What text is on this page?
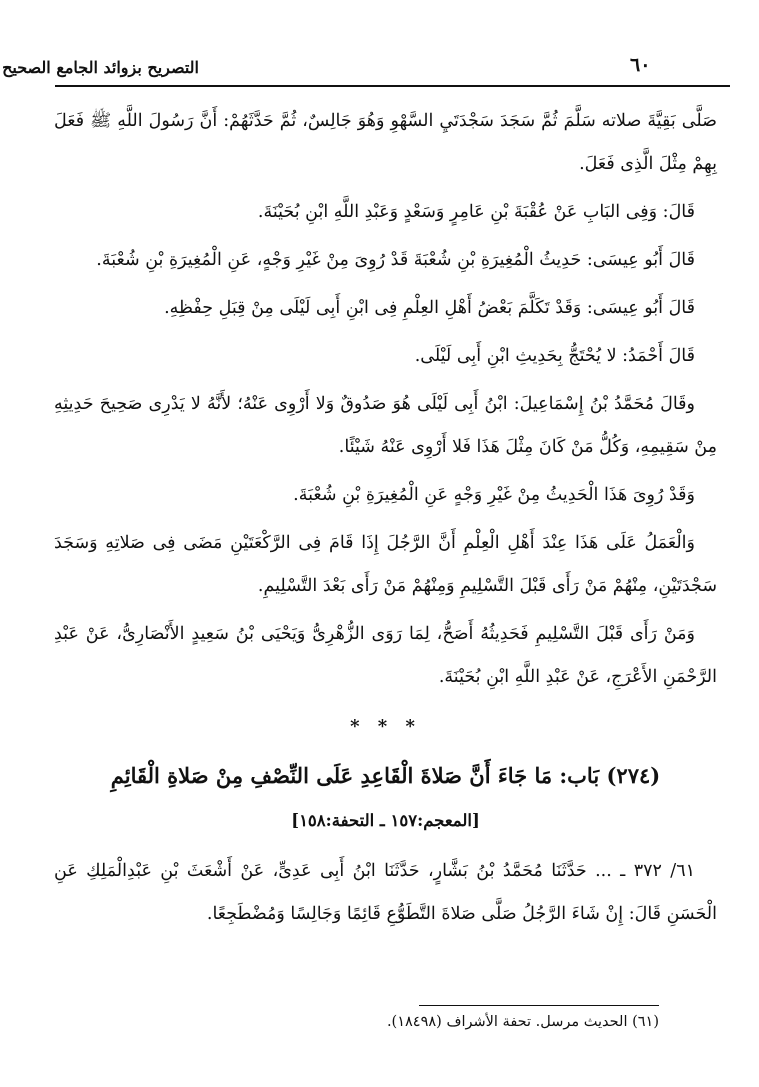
التصريح بزوائد الجامع الصحيح	٦٠

صَلَّى بَقِيَّةَ صلاته سَلَّمَ ثُمَّ سَجَدَ سَجْدَتَيِ السَّهْوِ وَهُوَ جَالِسٌ، ثُمَّ حَدَّثَهُمْ: أَنَّ رَسُولَ اللَّهِ ﷺ فَعَلَ بِهِمْ مِثْلَ الَّذِى فَعَلَ.

قَالَ: وَفِى البَابِ عَنْ عُقْبَةَ بْنِ عَامِرٍ وَسَعْدٍ وَعَبْدِ اللَّهِ ابْنِ بُحَيْنَةَ.

قَالَ أَبُو عِيسَى: حَدِيثُ الْمُغِيرَةِ بْنِ شُعْبَةَ قَدْ رُوِىَ مِنْ غَيْرِ وَجْهٍ، عَنِ الْمُغِيرَةِ بْنِ شُعْبَةَ.

قَالَ أَبُو عِيسَى: وَقَدْ تَكَلَّمَ بَعْضُ أَهْلِ العِلْمِ فِى ابْنِ أَبِى لَيْلَى مِنْ قِبَلِ حِفْظِهِ.

قَالَ أَحْمَدُ: لا يُحْتَجُّ بِحَدِيثِ ابْنِ أَبِى لَيْلَى.

وقَالَ مُحَمَّدُ بْنُ إِسْمَاعِيلَ: ابْنُ أَبِى لَيْلَى هُوَ صَدُوقٌ وَلا أَرْوِى عَنْهُ؛ لأَنَّهُ لا يَدْرِى صَحِيحَ حَدِيثِهِ مِنْ سَقِيمِهِ، وَكُلُّ مَنْ كَانَ مِثْلَ هَذَا فَلا أَرْوِى عَنْهُ شَيْئًا.

وَقَدْ رُوِىَ هَذَا الْحَدِيثُ مِنْ غَيْرِ وَجْهٍ عَنِ الْمُغِيرَةِ بْنِ شُعْبَةَ.

وَالْعَمَلُ عَلَى هَذَا عِنْدَ أَهْلِ الْعِلْمِ أَنَّ الرَّجُلَ إِذَا قَامَ فِى الرَّكْعَتَيْنِ مَضَى فِى صَلاتِهِ وَسَجَدَ سَجْدَتَيْنِ، مِنْهُمْ مَنْ رَأَى قَبْلَ التَّسْلِيمِ وَمِنْهُمْ مَنْ رَأَى بَعْدَ التَّسْلِيمِ.

وَمَنْ رَأَى قَبْلَ التَّسْلِيمِ فَحَدِيثُهُ أَصَحُّ، لِمَا رَوَى الزُّهْرِىُّ وَيَحْيَى بْنُ سَعِيدٍ الأَنْصَارِىُّ، عَنْ عَبْدِ الرَّحْمَنِ الأَعْرَجِ، عَنْ عَبْدِ اللَّهِ ابْنِ بُحَيْنَةَ.

* * *
(٢٧٤) بَاب: مَا جَاءَ أَنَّ صَلاةَ الْقَاعِدِ عَلَى النِّصْفِ مِنْ صَلاةِ الْقَائِمِ
[المعجم:١٥٧ ـ التحفة:١٥٨]

٦١/ ٣٧٢ ـ ... حَدَّثَنَا مُحَمَّدُ بْنُ بَشَّارٍ، حَدَّثَنَا ابْنُ أَبِى عَدِىٍّ، عَنْ أَشْعَثَ بْنِ عَبْدِالْمَلِكِ عَنِ الْحَسَنِ قَالَ: إِنْ شَاءَ الرَّجُلُ صَلَّى صَلاةَ التَّطَوُّعِ قَائِمًا وَجَالِسًا وَمُضْطَجِعًا.

(٦١) الحديث مرسل. تحفة الأشراف (١٨٤٩٨).
